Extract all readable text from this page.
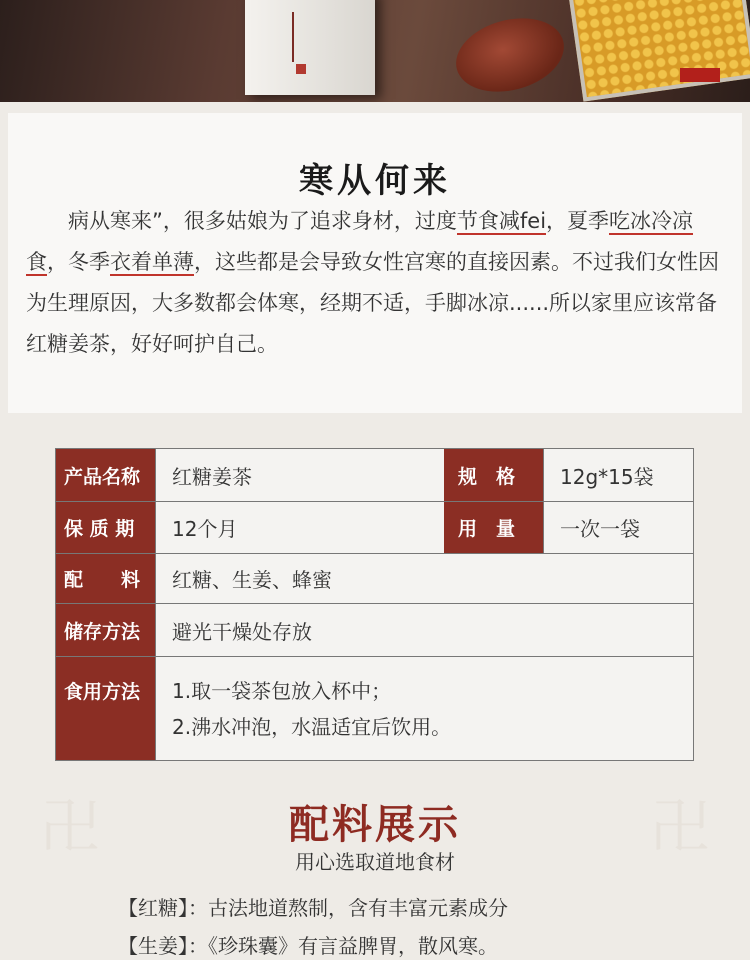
寒从何来

　　病从寒来”，很多姑娘为了追求身材，过度节食减fei，夏季吃冰冷凉食，冬季衣着单薄，这些都是会导致女性宫寒的直接因素。不过我们女性因为生理原因，大多数都会体寒，经期不适，手脚冰凉......所以家里应该常备红糖姜茶，好好呵护自己。

卍	卍
产品名称	红糖姜茶	规　格	12g*15袋
保 质 期	12个月	用　量	一次一袋
配　　料	红糖、生姜、蜂蜜
储存方法	避光干燥处存放
食用方法	1.取一袋茶包放入杯中；
2.沸水冲泡，水温适宜后饮用。
配料展示
用心选取道地食材
【红糖】：古法地道熬制，含有丰富元素成分
【生姜】：《珍珠囊》有言益脾胃，散风寒。
